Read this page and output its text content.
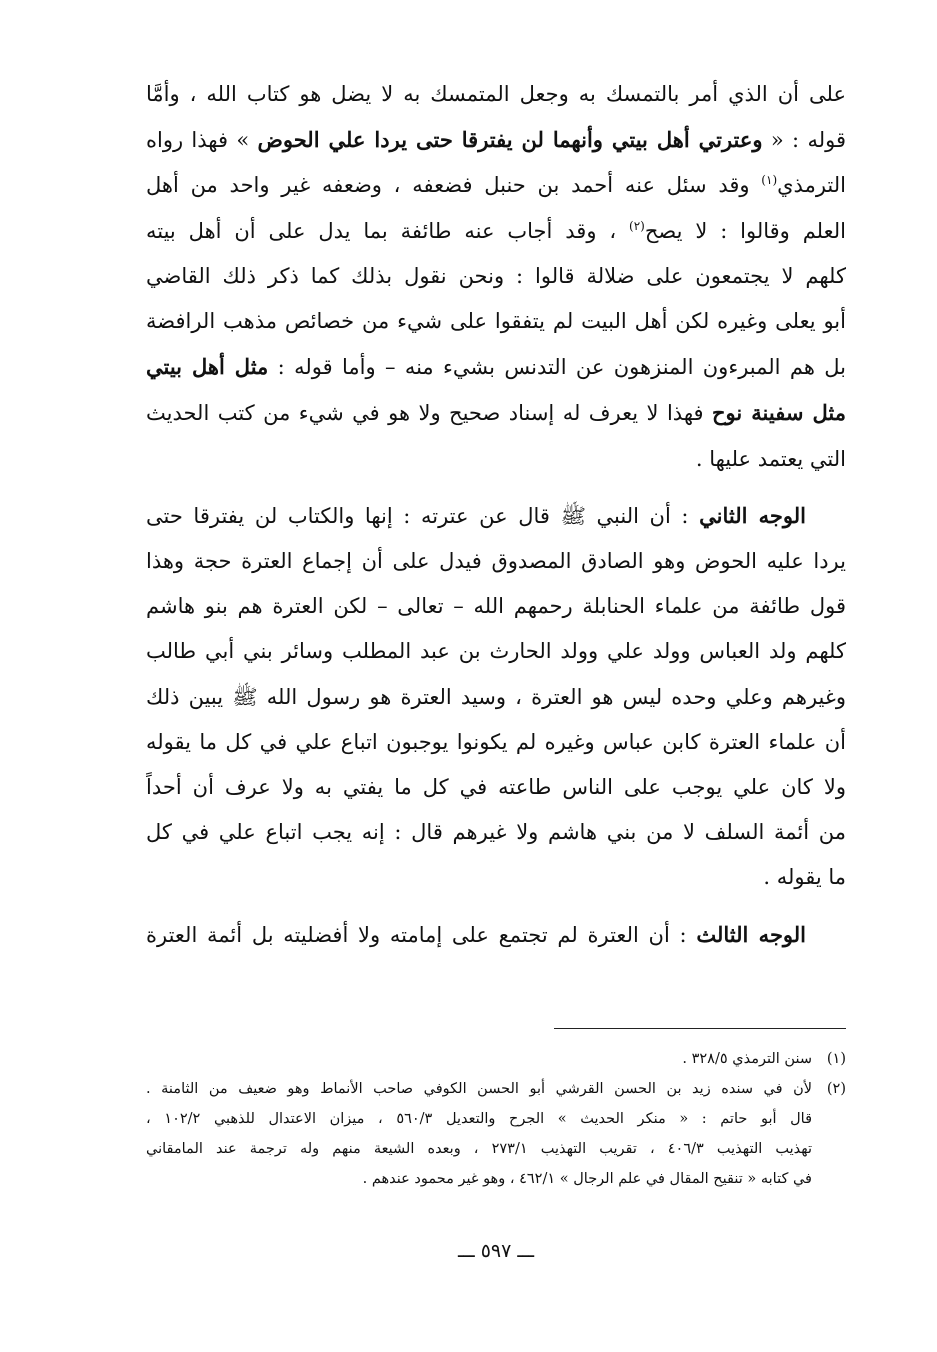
على أن الذي أمر بالتمسك به وجعل المتمسك به لا يضل هو كتاب الله ، وأمَّا
قوله : « وعترتي أهل بيتي وأنهما لن يفترقا حتى يردا علي الحوض » فهذا رواه
الترمذي$^{(١)}$ وقد سئل عنه أحمد بن حنبل فضعفه ، وضعفه غير واحد من أهل
العلم وقالوا : لا يصح$^{(٢)}$ ، وقد أجاب عنه طائفة بما يدل على أن أهل بيته
كلهم لا يجتمعون على ضلالة قالوا : ونحن نقول بذلك كما ذكر ذلك القاضي
أبو يعلى وغيره لكن أهل البيت لم يتفقوا على شيء من خصائص مذهب الرافضة
بل هم المبرءون المنزهون عن التدنس بشيء منه – وأما قوله : مثل أهل بيتي
مثل سفينة نوح فهذا لا يعرف له إسناد صحيح ولا هو في شيء من كتب الحديث
التي يعتمد عليها .
الوجه الثاني : أن النبي ﷺ قال عن عترته : إنها والكتاب لن يفترقا حتى
يردا عليه الحوض وهو الصادق المصدوق فيدل على أن إجماع العترة حجة وهذا
قول طائفة من علماء الحنابلة رحمهم الله – تعالى – لكن العترة هم بنو هاشم
كلهم ولد العباس وولد علي وولد الحارث بن عبد المطلب وسائر بني أبي طالب
وغيرهم وعلي وحده ليس هو العترة ، وسيد العترة هو رسول الله ﷺ يبين ذلك
أن علماء العترة كابن عباس وغيره لم يكونوا يوجبون اتباع علي في كل ما يقوله
ولا كان علي يوجب على الناس طاعته في كل ما يفتي به ولا عرف أن أحداً
من أئمة السلف لا من بني هاشم ولا غيرهم قال : إنه يجب اتباع علي في كل
ما يقوله .
الوجه الثالث : أن العترة لم تجتمع على إمامته ولا أفضليته بل أئمة العترة
(١)
سنن الترمذي ٣٢٨/٥ .
(٢)
لأن في سنده زيد بن الحسن القرشي أبو الحسن الكوفي صاحب الأنماط وهو ضعيف من الثامنة .
قال أبو حاتم : « منكر الحديث » الجرح والتعديل ٥٦٠/٣ ، ميزان الاعتدال للذهبي ١٠٢/٢ ،
تهذيب التهذيب ٤٠٦/٣ ، تقريب التهذيب ٢٧٣/١ ، وبعده الشيعة منهم وله ترجمة عند المامقاني
في كتابه « تنقيح المقال في علم الرجال » ٤٦٢/١ ، وهو غير محمود عندهم .
ـــ ٥٩٧ ـــ
